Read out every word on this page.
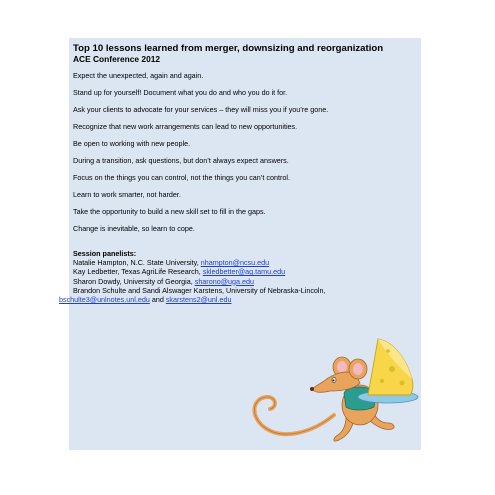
Top 10 lessons learned from merger, downsizing and reorganization
ACE Conference 2012
Expect the unexpected, again and again.
Stand up for yourself! Document what you do and who you do it for.
Ask your clients to advocate for your services – they will miss you if you’re gone.
Recognize that new work arrangements can lead to new opportunities.
Be open to working with new people.
During a transition, ask questions, but don’t always expect answers.
Focus on the things you can control, not the things you can’t control.
Learn to work smarter, not harder.
Take the opportunity to build a new skill set to fill in the gaps.
Change is inevitable, so learn to cope.
Session panelists:
Natalie Hampton, N.C. State University, nhampton@ncsu.edu
Kay Ledbetter, Texas AgriLife Research, skledbetter@ag.tamu.edu
Sharon Dowdy, University of Georgia, sharono@uga.edu
Brandon Schulte and Sandi Alswager Karstens, University of Nebraska-Lincoln,
bschulte3@unlnotes.unl.edu and skarstens2@unl.edu
